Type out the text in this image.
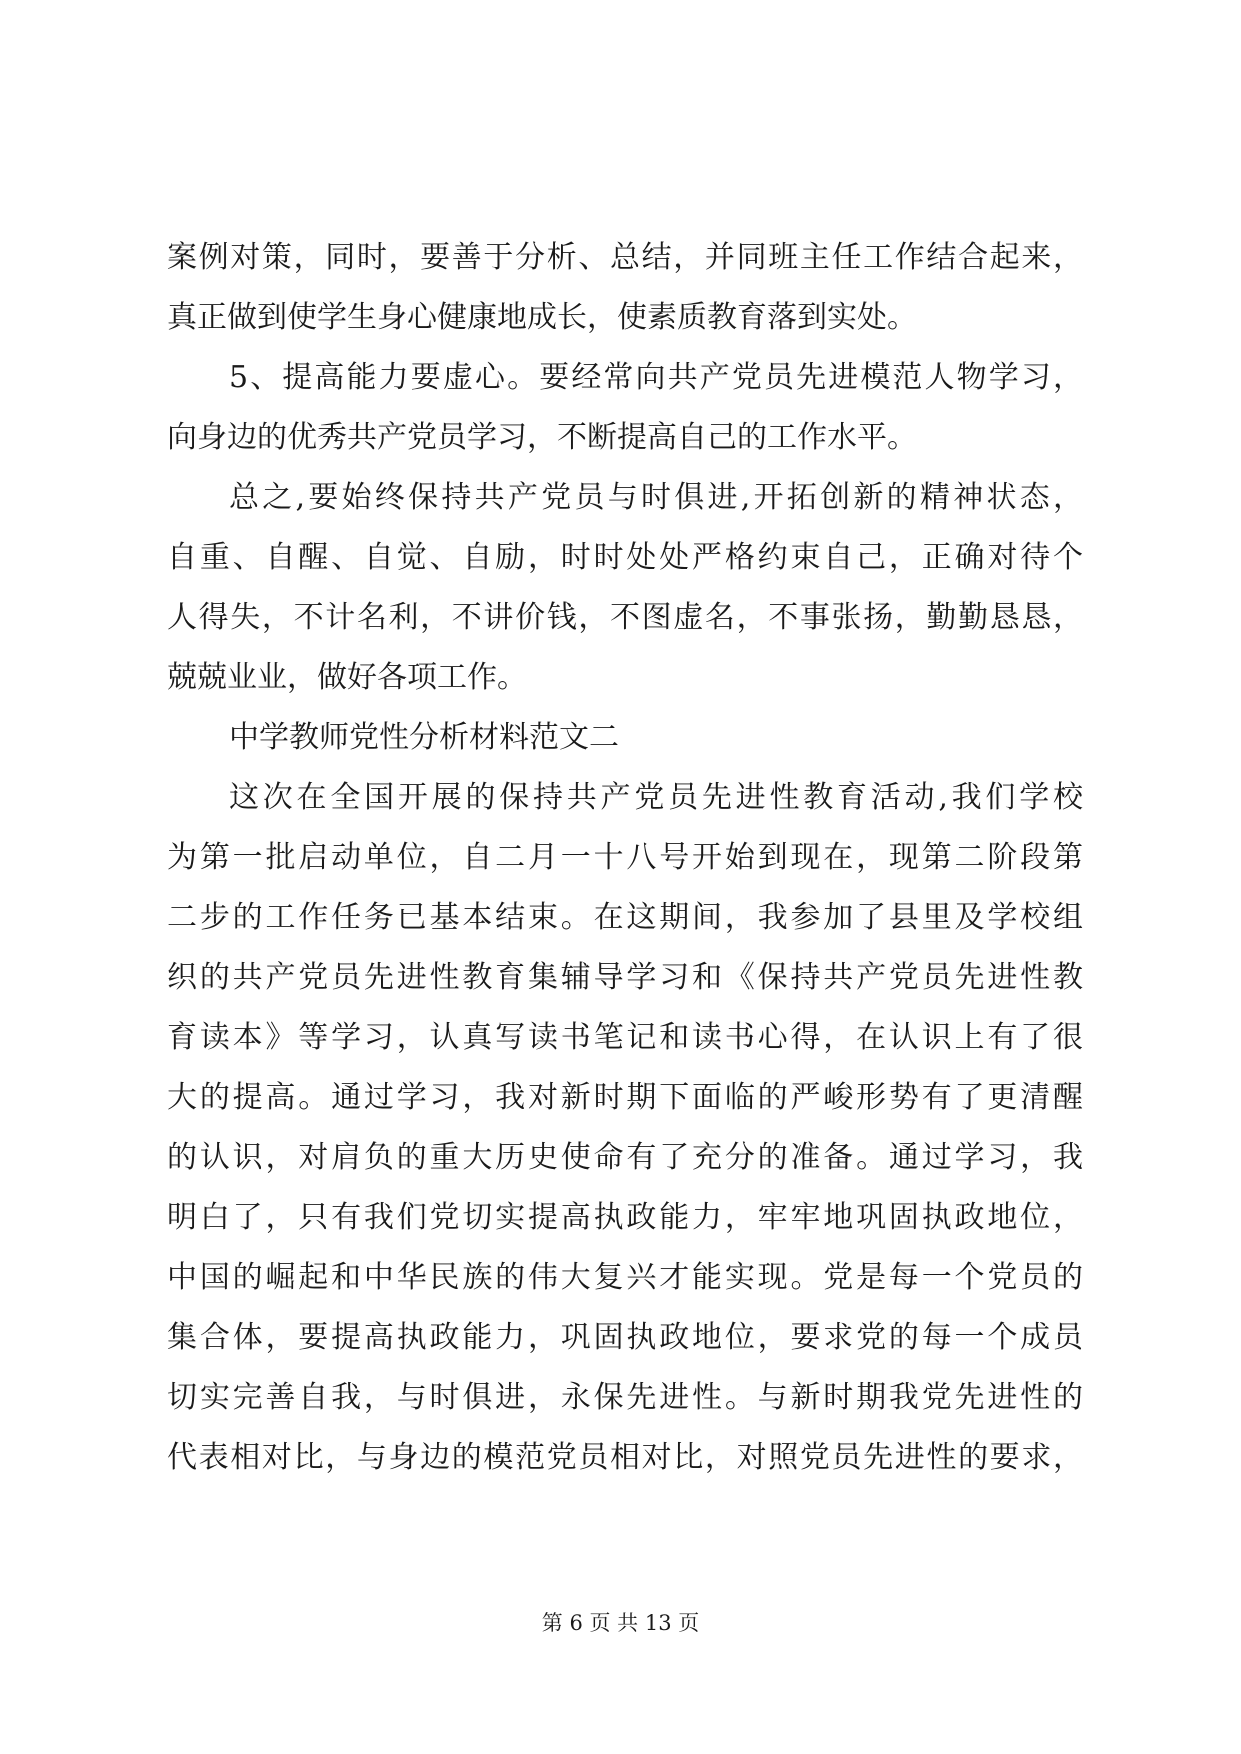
案例对策，同时，要善于分析、总结，并同班主任工作结合起来，
真正做到使学生身心健康地成长，使素质教育落到实处。
5、提高能力要虚心。要经常向共产党员先进模范人物学习，
向身边的优秀共产党员学习，不断提高自己的工作水平。
总之,要始终保持共产党员与时俱进,开拓创新的精神状态，
自重、自醒、自觉、自励，时时处处严格约束自己，正确对待个
人得失，不计名利，不讲价钱，不图虚名，不事张扬，勤勤恳恳，
兢兢业业，做好各项工作。
中学教师党性分析材料范文二
这次在全国开展的保持共产党员先进性教育活动,我们学校
为第一批启动单位，自二月一十八号开始到现在，现第二阶段第
二步的工作任务已基本结束。在这期间，我参加了县里及学校组
织的共产党员先进性教育集辅导学习和《保持共产党员先进性教
育读本》等学习，认真写读书笔记和读书心得，在认识上有了很
大的提高。通过学习，我对新时期下面临的严峻形势有了更清醒
的认识，对肩负的重大历史使命有了充分的准备。通过学习，我
明白了，只有我们党切实提高执政能力，牢牢地巩固执政地位，
中国的崛起和中华民族的伟大复兴才能实现。党是每一个党员的
集合体，要提高执政能力，巩固执政地位，要求党的每一个成员
切实完善自我，与时俱进，永保先进性。与新时期我党先进性的
代表相对比，与身边的模范党员相对比，对照党员先进性的要求，
第 6 页 共 13 页
